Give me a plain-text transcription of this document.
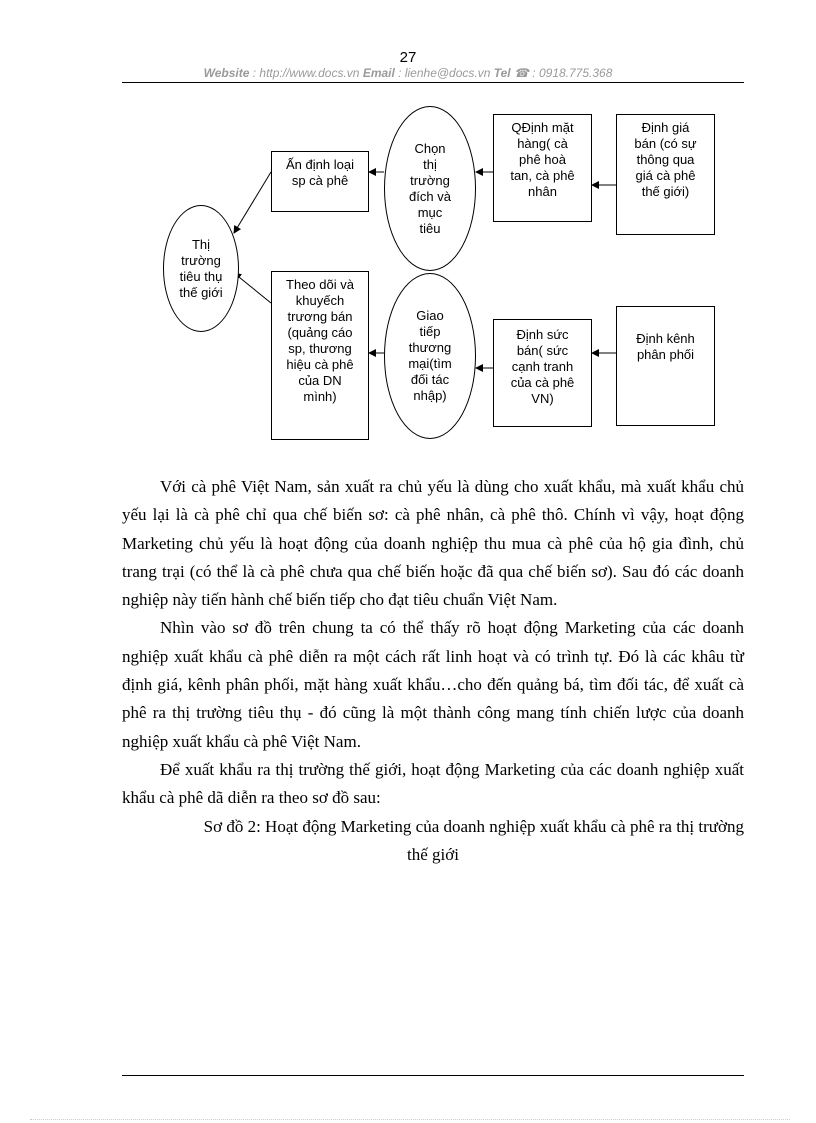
27
Website : http://www.docs.vn Email : lienhe@docs.vn Tel ☎ : 0918.775.368
Thị
trường
tiêu thụ
thế giới
Ấn định loại
sp cà phê
Chọn
thị
trường
đích và
mục
tiêu
QĐịnh mặt
hàng( cà
phê hoà
tan, cà phê
nhân
Định giá
bán (có sự
thông qua
giá cà phê
thế giới)
Theo dõi và
khuyếch
trương bán
(quảng cáo
sp, thương
hiệu cà phê
của DN
mình)
Giao
tiếp
thương
mại(tìm
đối tác
nhập)
Định sức
bán( sức
cạnh tranh
của cà phê
VN)
Định kênh
phân phối

Với cà phê Việt Nam, sản xuất ra chủ yếu là dùng cho xuất khẩu, mà xuất khẩu chủ yếu lại là cà phê chỉ qua chế biến sơ: cà phê nhân, cà phê thô. Chính vì vậy, hoạt động Marketing chủ yếu là hoạt động của doanh nghiệp thu mua cà phê của hộ gia đình, chủ trang trại (có thể là cà phê chưa qua chế biến hoặc đã qua chế biến sơ). Sau đó các doanh nghiệp này tiến hành chế biến tiếp cho đạt tiêu chuẩn Việt Nam.

Nhìn vào sơ đồ trên chung ta có thể thấy rõ hoạt động Marketing của các doanh nghiệp xuất khẩu cà phê diễn ra một cách rất linh hoạt và có trình tự. Đó là các khâu từ định giá, kênh phân phối, mặt hàng xuất khẩu…cho đến quảng bá, tìm đối tác, để xuất cà phê ra thị trường tiêu thụ - đó cũng là một thành công mang tính chiến lược của doanh nghiệp xuất khẩu cà phê Việt Nam.

Để xuất khẩu ra thị trường thế giới, hoạt động Marketing của các doanh nghiệp xuất khẩu cà phê dã diễn ra theo sơ đồ sau:

Sơ đồ 2: Hoạt động Marketing của doanh nghiệp xuất khẩu cà phê ra thị trường

thế giới
